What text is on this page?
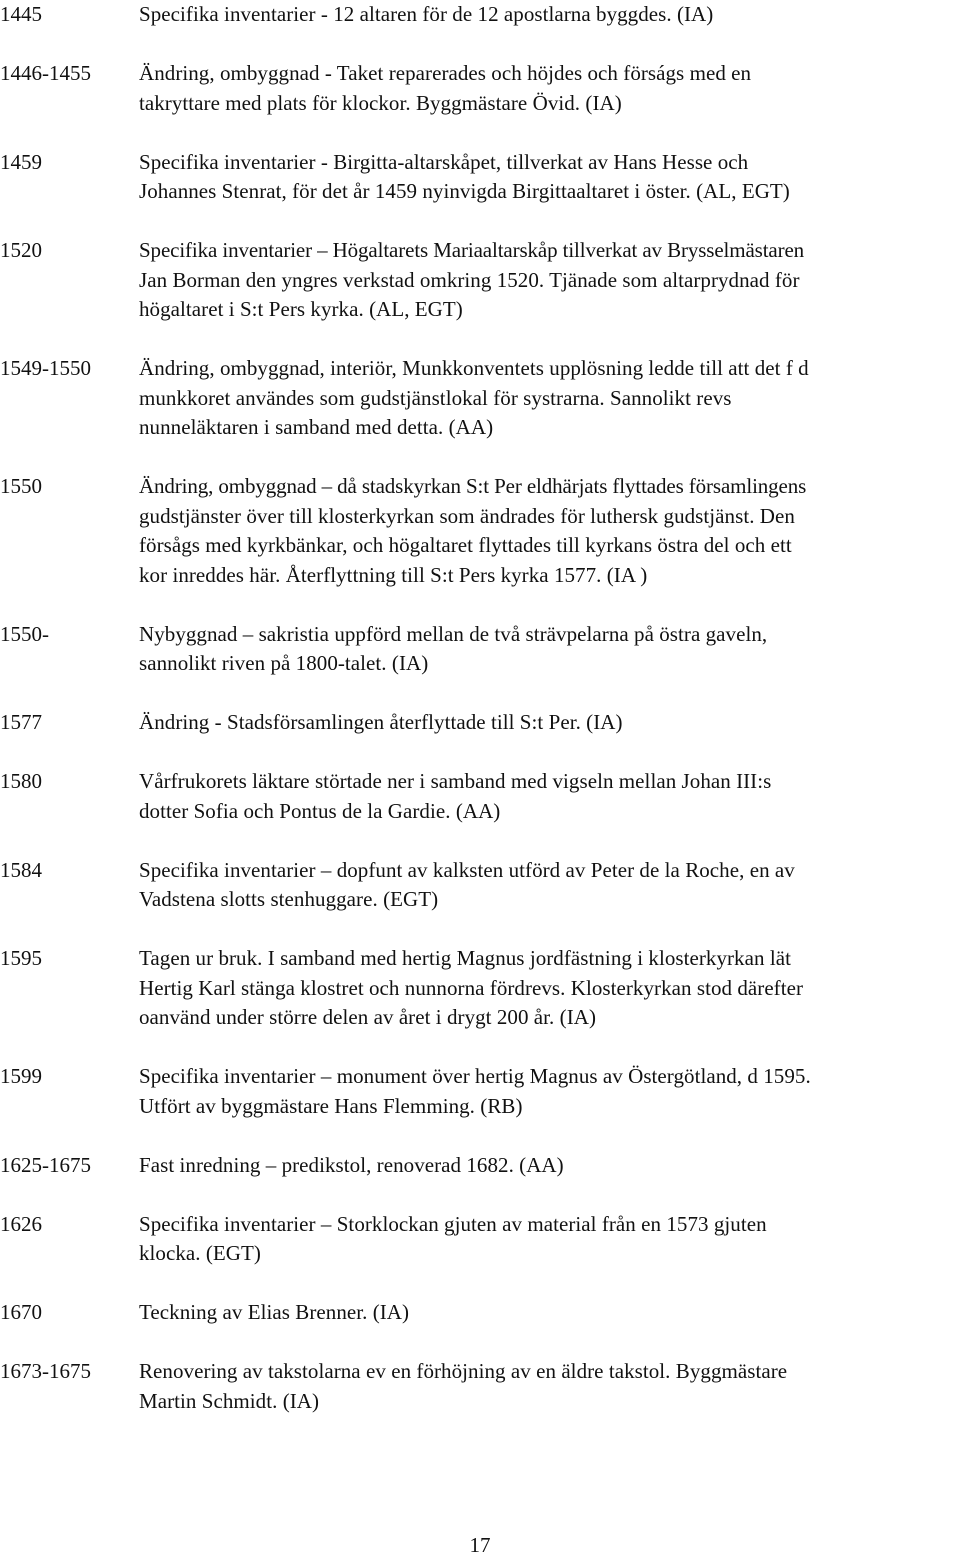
1445	Specifika inventarier - 12 altaren för de 12 apostlarna byggdes. (IA)
1446-1455 Ändring, ombyggnad - Taket reparerades och höjdes och förságs med en
takryttare med plats för klockor. Byggmästare Övid. (IA)
1459	Specifika inventarier - Birgitta-altarskåpet, tillverkat av Hans Hesse och
Johannes Stenrat, för det år 1459 nyinvigda Birgittaaltaret i öster. (AL, EGT)
1520	Specifika inventarier – Högaltarets Mariaaltarskåp tillverkat av Brysselmästaren
Jan Borman den yngres verkstad omkring 1520. Tjänade som altarprydnad för
högaltaret i S:t Pers kyrka. (AL, EGT)
1549-1550 Ändring, ombyggnad, interiör, Munkkonventets upplösning ledde till att det f d
munkkoret användes som gudstjänstlokal för systrarna. Sannolikt revs
nunneläktaren i samband med detta. (AA)
1550	Ändring, ombyggnad – då stadskyrkan S:t Per eldhärjats flyttades församlingens
gudstjänster över till klosterkyrkan som ändrades för luthersk gudstjänst. Den
försågs med kyrkbänkar, och högaltaret flyttades till kyrkans östra del och ett
kor inreddes här. Återflyttning till S:t Pers kyrka 1577. (IA )
1550-	Nybyggnad – sakristia uppförd mellan de två strävpelarna på östra gaveln,
sannolikt riven på 1800-talet. (IA)
1577	Ändring - Stadsförsamlingen återflyttade till S:t Per. (IA)
1580	Vårfrukorets läktare störtade ner i samband med vigseln mellan Johan III:s
dotter Sofia och Pontus de la Gardie. (AA)
1584	Specifika inventarier – dopfunt av kalksten utförd av Peter de la Roche, en av
Vadstena slotts stenhuggare. (EGT)
1595	Tagen ur bruk. I samband med hertig Magnus jordfästning i klosterkyrkan lät
Hertig Karl stänga klostret och nunnorna fördrevs. Klosterkyrkan stod därefter
oanvänd under större delen av året i drygt 200 år. (IA)
1599	Specifika inventarier – monument över hertig Magnus av Östergötland, d 1595.
Utfört av byggmästare Hans Flemming. (RB)
1625-1675 Fast inredning – predikstol, renoverad 1682. (AA)
1626	Specifika inventarier – Storklockan gjuten av material från en 1573 gjuten
klocka. (EGT)
1670	Teckning av Elias Brenner. (IA)
1673-1675 Renovering av takstolarna ev en förhöjning av en äldre takstol. Byggmästare
Martin Schmidt. (IA)
17
